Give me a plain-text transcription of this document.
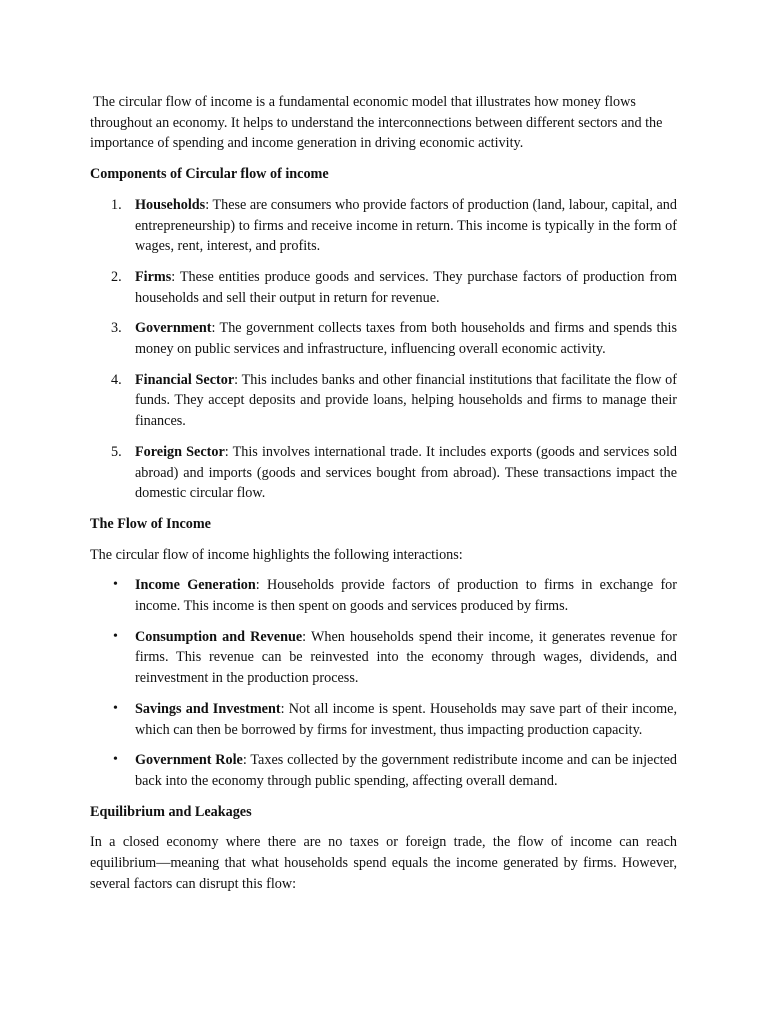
The circular flow of income is a fundamental economic model that illustrates how money flows throughout an economy. It helps to understand the interconnections between different sectors and the importance of spending and income generation in driving economic activity.

Components of Circular flow of income
1. Households: These are consumers who provide factors of production (land, labour, capital, and entrepreneurship) to firms and receive income in return. This income is typically in the form of wages, rent, interest, and profits.
2. Firms: These entities produce goods and services. They purchase factors of production from households and sell their output in return for revenue.
3. Government: The government collects taxes from both households and firms and spends this money on public services and infrastructure, influencing overall economic activity.
4. Financial Sector: This includes banks and other financial institutions that facilitate the flow of funds. They accept deposits and provide loans, helping households and firms to manage their finances.
5. Foreign Sector: This involves international trade. It includes exports (goods and services sold abroad) and imports (goods and services bought from abroad). These transactions impact the domestic circular flow.
The Flow of Income

The circular flow of income highlights the following interactions:

• Income Generation: Households provide factors of production to firms in exchange for income. This income is then spent on goods and services produced by firms.
• Consumption and Revenue: When households spend their income, it generates revenue for firms. This revenue can be reinvested into the economy through wages, dividends, and reinvestment in the production process.
• Savings and Investment: Not all income is spent. Households may save part of their income, which can then be borrowed by firms for investment, thus impacting production capacity.
• Government Role: Taxes collected by the government redistribute income and can be injected back into the economy through public spending, affecting overall demand.
Equilibrium and Leakages

In a closed economy where there are no taxes or foreign trade, the flow of income can reach equilibrium—meaning that what households spend equals the income generated by firms. However, several factors can disrupt this flow:
